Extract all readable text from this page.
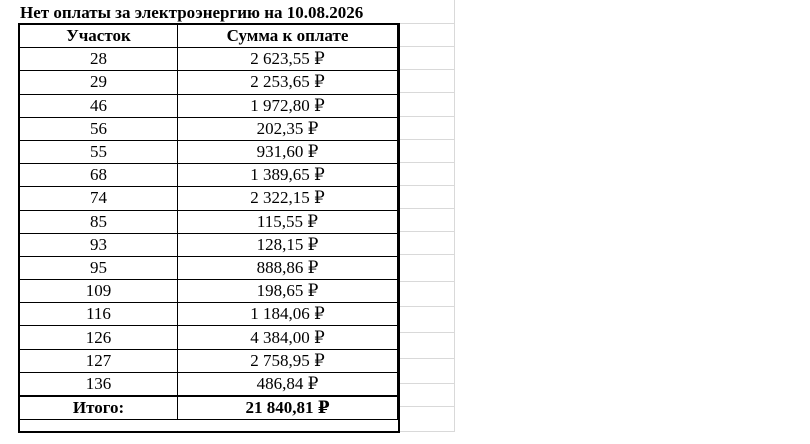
Нет оплаты за электроэнергию на 10.08.2026
Участок	Сумма к оплате
28	2 623,55 ₽
29	2 253,65 ₽
46	1 972,80 ₽
56	202,35 ₽
55	931,60 ₽
68	1 389,65 ₽
74	2 322,15 ₽
85	115,55 ₽
93	128,15 ₽
95	888,86 ₽
109	198,65 ₽
116	1 184,06 ₽
126	4 384,00 ₽
127	2 758,95 ₽
136	486,84 ₽
Итого:	21 840,81 ₽
